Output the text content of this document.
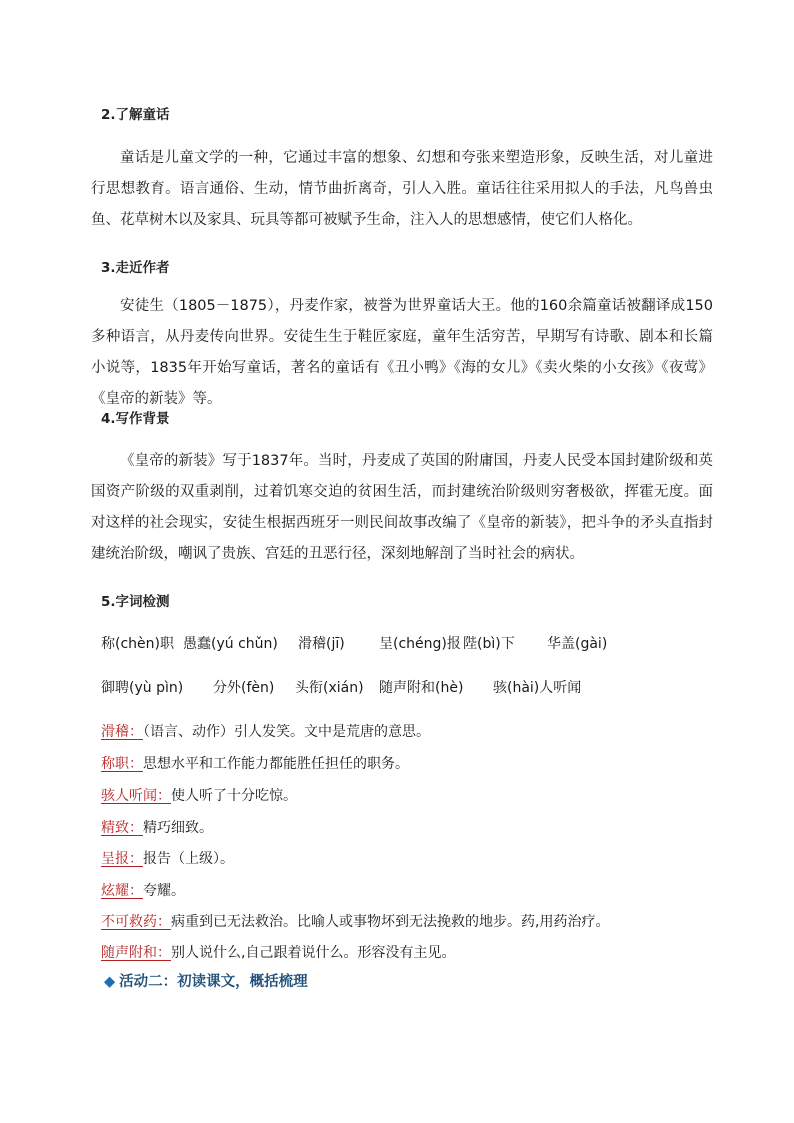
2.了解童话

童话是儿童文学的一种，它通过丰富的想象、幻想和夸张来塑造形象，反映生活，对儿童进行思想教育。语言通俗、生动，情节曲折离奇，引人入胜。童话往往采用拟人的手法，凡鸟兽虫鱼、花草树木以及家具、玩具等都可被赋予生命，注入人的思想感情，使它们人格化。

3.走近作者

安徒生（1805－1875），丹麦作家，被誉为世界童话大王。他的160余篇童话被翻译成150多种语言，从丹麦传向世界。安徒生生于鞋匠家庭，童年生活穷苦，早期写有诗歌、剧本和长篇小说等，1835年开始写童话，著名的童话有《丑小鸭》《海的女儿》《卖火柴的小女孩》《夜莺》《皇帝的新装》等。

4.写作背景

《皇帝的新装》写于1837年。当时，丹麦成了英国的附庸国，丹麦人民受本国封建阶级和英国资产阶级的双重剥削，过着饥寒交迫的贫困生活，而封建统治阶级则穷奢极欲，挥霍无度。面对这样的社会现实，安徒生根据西班牙一则民间故事改编了《皇帝的新装》，把斗争的矛头直指封建统治阶级，嘲讽了贵族、宫廷的丑恶行径，深刻地解剖了当时社会的病状。

5.字词检测
称(chèn)职 愚蠢(yú chǔn) 滑稽(jī) 呈(chéng)报 陛(bì)下 华盖(gài)
御聘(yù pìn) 分外(fèn) 头衔(xián) 随声附和(hè) 骇(hài)人听闻
滑稽：（语言、动作）引人发笑。文中是荒唐的意思。
称职：思想水平和工作能力都能胜任担任的职务。
骇人听闻：使人听了十分吃惊。
精致：精巧细致。
呈报：报告（上级）。
炫耀：夸耀。
不可救药：病重到已无法救治。比喻人或事物坏到无法挽救的地步。药,用药治疗。
随声附和：别人说什么,自己跟着说什么。形容没有主见。
◆ 活动二：初读课文，概括梳理
